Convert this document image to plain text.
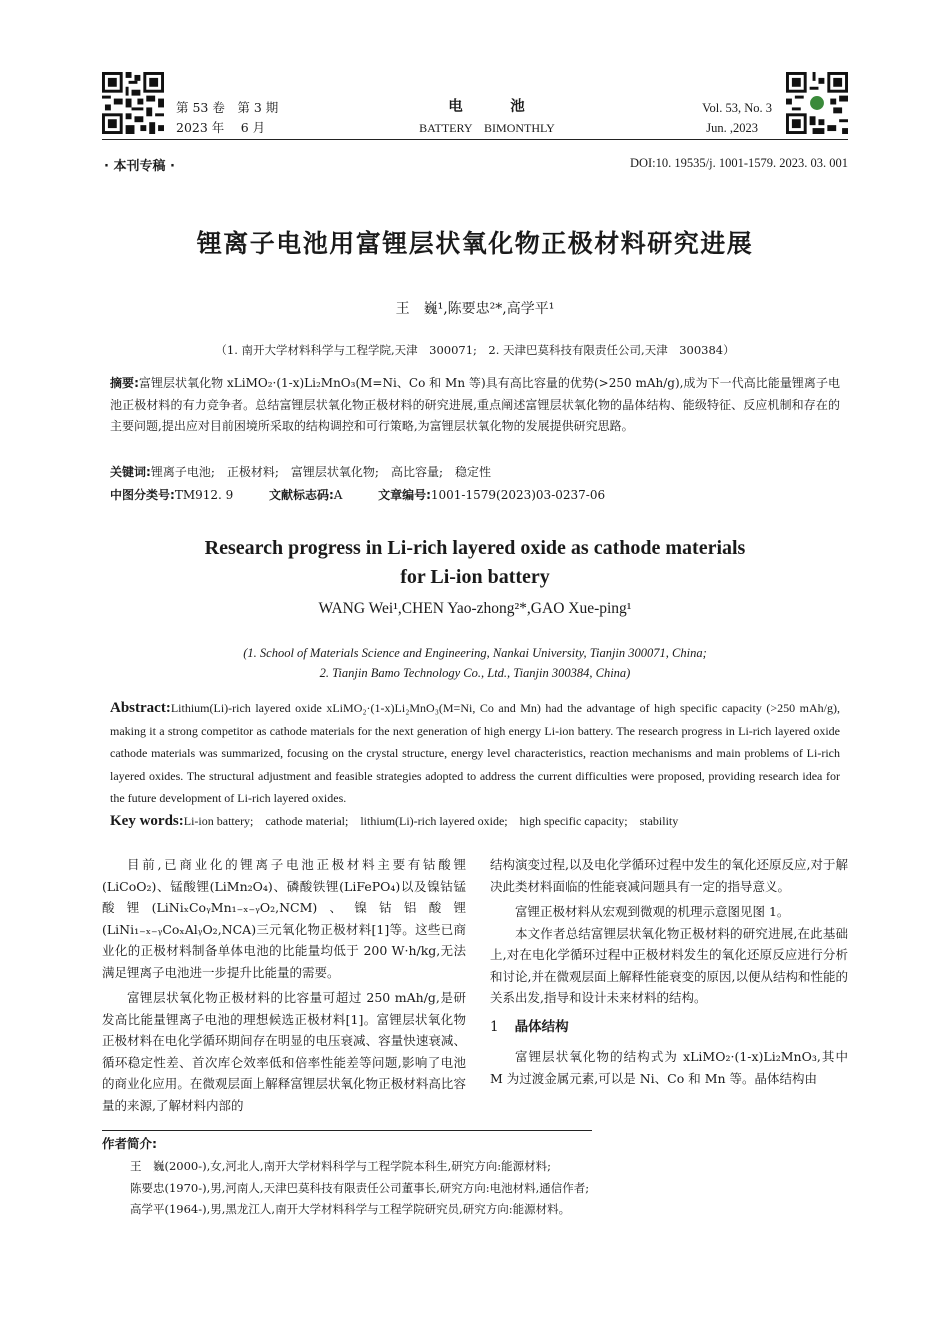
第 53 卷　第 3 期
2023 年　 6 月
电　　　池
BATTERY　BIMONTHLY
Vol. 53, No. 3
Jun. ,2023
· 本刊专稿 ·	DOI:10. 19535/j. 1001-1579. 2023. 03. 001
锂离子电池用富锂层状氧化物正极材料研究进展
王　巍¹,陈要忠²*,高学平¹
（1. 南开大学材料科学与工程学院,天津　300071;　2. 天津巴莫科技有限责任公司,天津　300384）
摘要:富锂层状氧化物 xLiMO₂·(1-x)Li₂MnO₃(M=Ni、Co 和 Mn 等)具有高比容量的优势(>250 mAh/g),成为下一代高比能量锂离子电池正极材料的有力竞争者。总结富锂层状氧化物正极材料的研究进展,重点阐述富锂层状氧化物的晶体结构、能级特征、反应机制和存在的主要问题,提出应对目前困境所采取的结构调控和可行策略,为富锂层状氧化物的发展提供研究思路。
关键词:锂离子电池;　正极材料;　富锂层状氧化物;　高比容量;　稳定性
中图分类号:TM912. 9	文献标志码:A	文章编号:1001-1579(2023)03-0237-06
Research progress in Li-rich layered oxide as cathode materials
for Li-ion battery
WANG Wei¹,CHEN Yao-zhong²*,GAO Xue-ping¹
(1. School of Materials Science and Engineering, Nankai University, Tianjin 300071, China;
2. Tianjin Bamo Technology Co., Ltd., Tianjin 300384, China)
Abstract:Lithium(Li)-rich layered oxide xLiMO₂·(1-x)Li₂MnO₃(M=Ni, Co and Mn) had the advantage of high specific capacity (>250 mAh/g), making it a strong competitor as cathode materials for the next generation of high energy Li-ion battery. The research progress in Li-rich layered oxide cathode materials was summarized, focusing on the crystal structure, energy level characteristics, reaction mechanisms and main problems of Li-rich layered oxides. The structural adjustment and feasible strategies adopted to address the current difficulties were proposed, providing research idea for the future development of Li-rich layered oxides.
Key words:Li-ion battery;　cathode material;　lithium(Li)-rich layered oxide;　high specific capacity;　stability

目前,已商业化的锂离子电池正极材料主要有钴酸锂(LiCoO₂)、锰酸锂(LiMn₂O₄)、磷酸铁锂(LiFePO₄)以及镍钴锰酸锂(LiNiₓCoᵧMn₁₋ₓ₋ᵧO₂,NCM)、镍钴铝酸锂(LiNi₁₋ₓ₋ᵧCoₓAlᵧO₂,NCA)三元氧化物正极材料[1]等。这些已商业化的正极材料制备单体电池的比能量均低于 200 W·h/kg,无法满足锂离子电池进一步提升比能量的需要。

富锂层状氧化物正极材料的比容量可超过 250 mAh/g,是研发高比能量锂离子电池的理想候选正极材料[1]。富锂层状氧化物正极材料在电化学循环期间存在明显的电压衰减、容量快速衰减、循环稳定性差、首次库仑效率低和倍率性能差等问题,影响了电池的商业化应用。在微观层面上解释富锂层状氧化物正极材料高比容量的来源,了解材料内部的

结构演变过程,以及电化学循环过程中发生的氧化还原反应,对于解决此类材料面临的性能衰减问题具有一定的指导意义。

富锂正极材料从宏观到微观的机理示意图见图 1。

本文作者总结富锂层状氧化物正极材料的研究进展,在此基础上,对在电化学循环过程中正极材料发生的氧化还原反应进行分析和讨论,并在微观层面上解释性能衰变的原因,以便从结构和性能的关系出发,指导和设计未来材料的结构。

1 晶体结构

富锂层状氧化物的结构式为 xLiMO₂·(1-x)Li₂MnO₃,其中 M 为过渡金属元素,可以是 Ni、Co 和 Mn 等。晶体结构由

作者简介:
王　巍(2000-),女,河北人,南开大学材料科学与工程学院本科生,研究方向:能源材料;
陈要忠(1970-),男,河南人,天津巴莫科技有限责任公司董事长,研究方向:电池材料,通信作者;
高学平(1964-),男,黑龙江人,南开大学材料科学与工程学院研究员,研究方向:能源材料。
